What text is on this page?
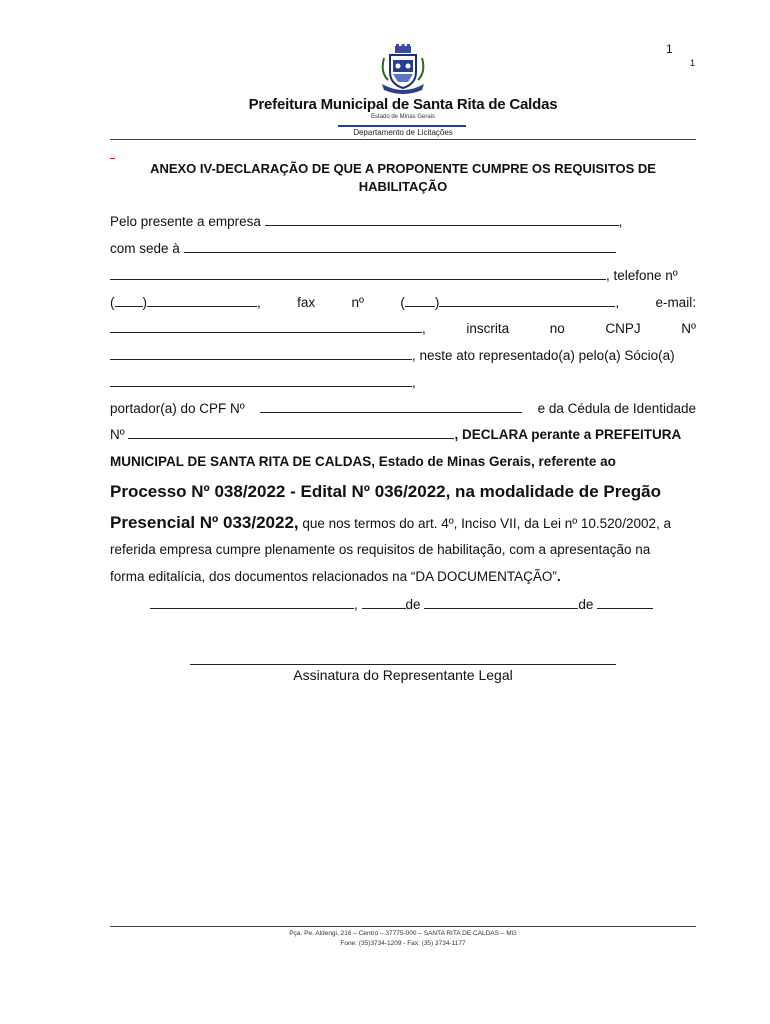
1
1
Prefeitura Municipal de Santa Rita de Caldas
Estado de Minas Gerais
Departamento de Licitações
ANEXO IV-DECLARAÇÃO DE QUE A PROPONENTE CUMPRE OS REQUISITOS DE HABILITAÇÃO
Pelo presente a empresa	,
com sede à
, telefone nº
( )	,	fax	nº	( )	,	e-mail:
,	inscrita	no	CNPJ	Nº
, neste ato representado(a) pelo(a) Sócio(a)
,
portador(a) do CPF Nº	e da Cédula de Identidade
Nº	, DECLARA perante a PREFEITURA
MUNICIPAL DE SANTA RITA DE CALDAS, Estado de Minas Gerais, referente ao
Processo Nº 038/2022 - Edital Nº 036/2022, na modalidade de Pregão
Presencial Nº 033/2022, que nos termos do art. 4º, Inciso VII, da Lei nº 10.520/2002, a
referida empresa cumpre plenamente os requisitos de habilitação, com a apresentação na
forma editalícia, dos documentos relacionados na “DA DOCUMENTAÇÃO”.
,	de	de
Assinatura do Representante Legal
Pça. Pe. Aldengi, 216 – Centro – 37775-000 – SANTA RITA DE CALDAS – MG
Fone: (35)3734-1209 - Fax: (35) 3734-1177
